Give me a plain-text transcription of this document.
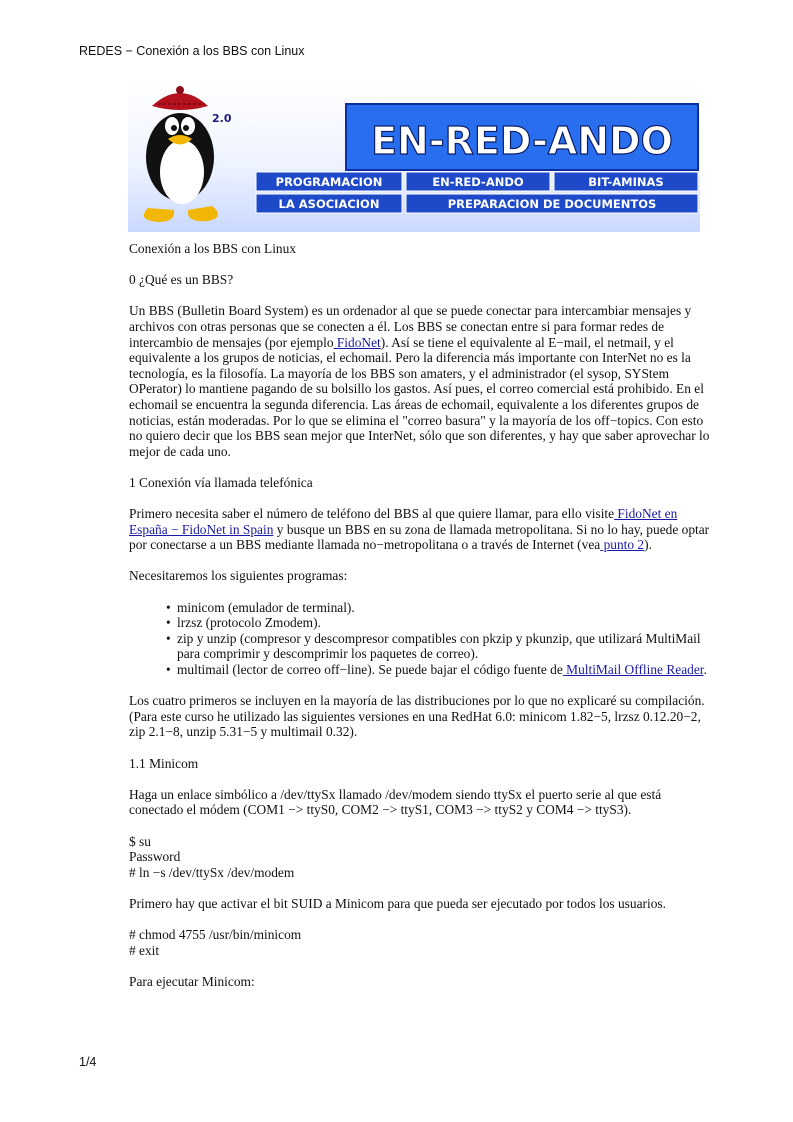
REDES − Conexión a los BBS con Linux
2.0
EN-RED-ANDO
PROGRAMACION	EN-RED-ANDO	BIT-AMINAS
LA ASOCIACION	PREPARACION DE DOCUMENTOS

Conexión a los BBS con Linux

0 ¿Qué es un BBS?

Un BBS (Bulletin Board System) es un ordenador al que se puede conectar para intercambiar mensajes y archivos con otras personas que se conecten a él. Los BBS se conectan entre si para formar redes de intercambio de mensajes (por ejemplo FidoNet). Así se tiene el equivalente al E−mail, el netmail, y el equivalente a los grupos de noticias, el echomail. Pero la diferencia más importante con InterNet no es la tecnología, es la filosofía. La mayoría de los BBS son amaters, y el administrador (el sysop, SYStem OPerator) lo mantiene pagando de su bolsillo los gastos. Así pues, el correo comercial está prohibido. En el echomail se encuentra la segunda diferencia. Las áreas de echomail, equivalente a los diferentes grupos de noticias, están moderadas. Por lo que se elimina el "correo basura" y la mayoría de los off−topics. Con esto no quiero decir que los BBS sean mejor que InterNet, sólo que son diferentes, y hay que saber aprovechar lo mejor de cada uno.

1 Conexión vía llamada telefónica

Primero necesita saber el número de teléfono del BBS al que quiere llamar, para ello visite FidoNet en España − FidoNet in Spain y busque un BBS en su zona de llamada metropolitana. Si no lo hay, puede optar por conectarse a un BBS mediante llamada no−metropolitana o a través de Internet (vea punto 2).

Necesitaremos los siguientes programas:

• minicom (emulador de terminal).
• lrzsz (protocolo Zmodem).
• zip y unzip (compresor y descompresor compatibles con pkzip y pkunzip, que utilizará MultiMail para comprimir y descomprimir los paquetes de correo).
• multimail (lector de correo off−line). Se puede bajar el código fuente de MultiMail Offline Reader.

Los cuatro primeros se incluyen en la mayoría de las distribuciones por lo que no explicaré su compilación. (Para este curso he utilizado las siguientes versiones en una RedHat 6.0: minicom 1.82−5, lrzsz 0.12.20−2, zip 2.1−8, unzip 5.31−5 y multimail 0.32).

1.1 Minicom

Haga un enlace simbólico a /dev/ttySx llamado /dev/modem siendo ttySx el puerto serie al que está conectado el módem (COM1 −> ttyS0, COM2 −> ttyS1, COM3 −> ttyS2 y COM4 −> ttyS3).

$ su
Password
# ln −s /dev/ttySx /dev/modem

Primero hay que activar el bit SUID a Minicom para que pueda ser ejecutado por todos los usuarios.

# chmod 4755 /usr/bin/minicom
# exit

Para ejecutar Minicom:

1/4
